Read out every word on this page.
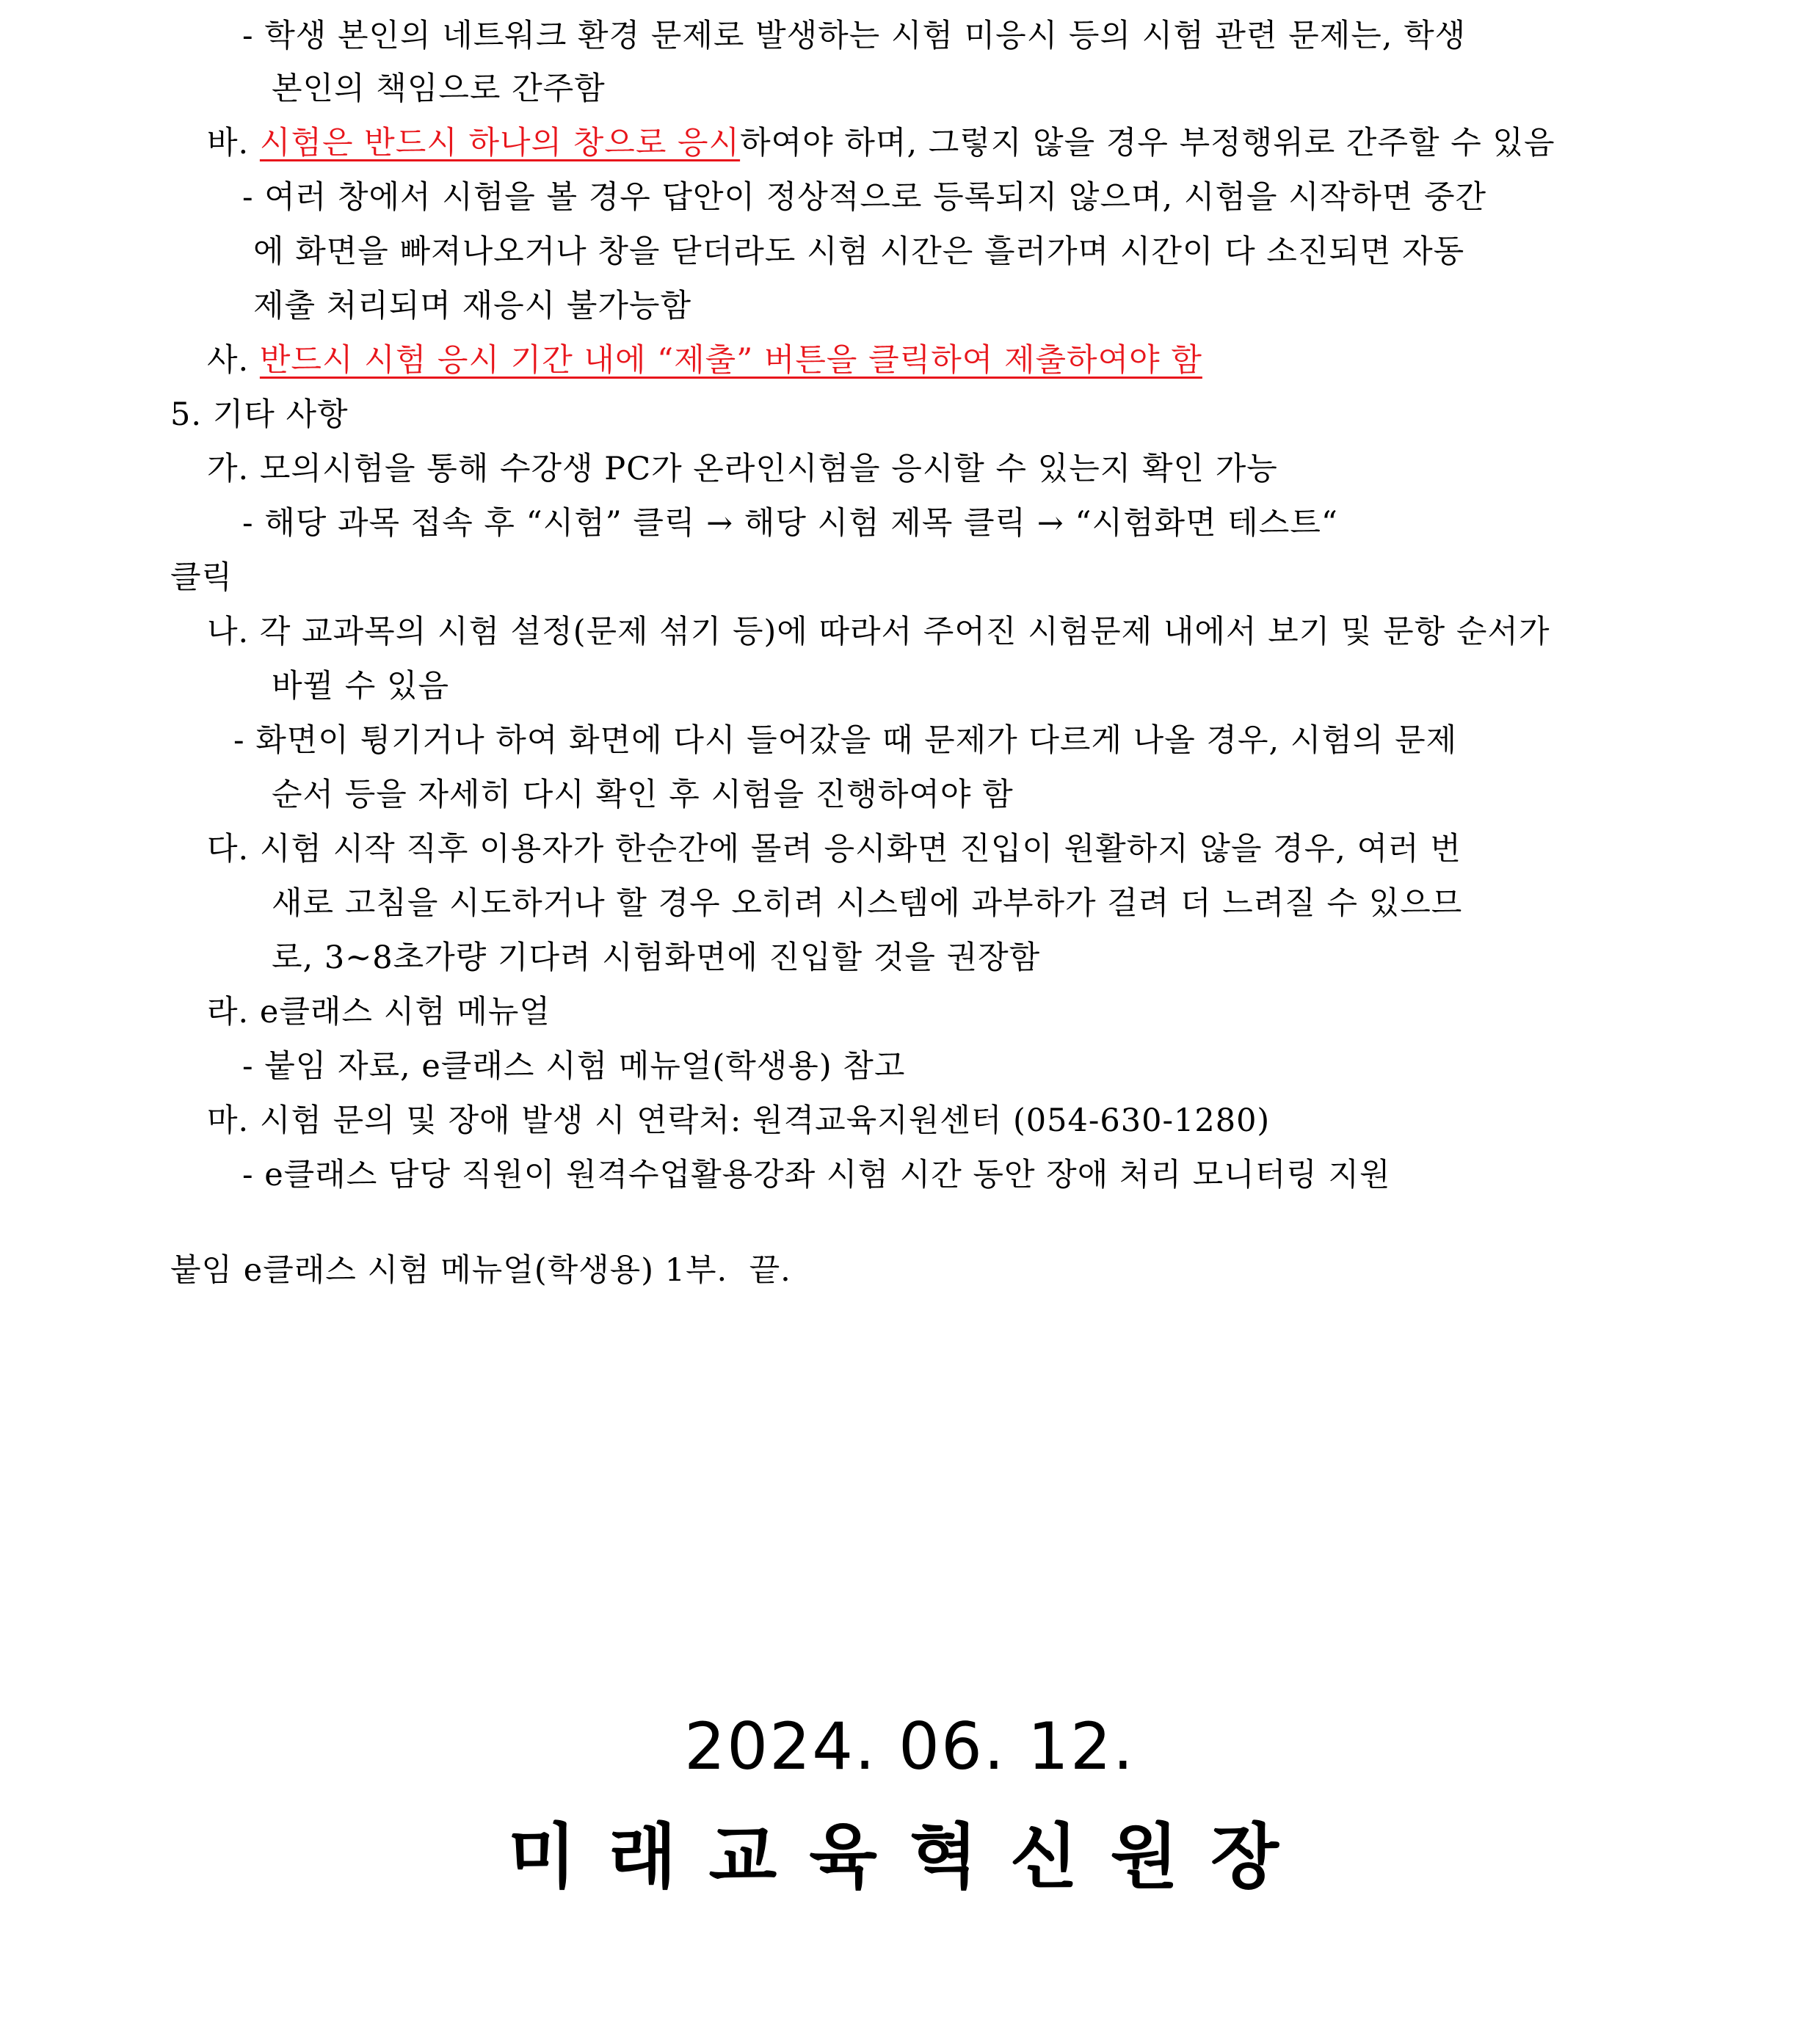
- 학생 본인의 네트워크 환경 문제로 발생하는 시험 미응시 등의 시험 관련 문제는, 학생
본인의 책임으로 간주함
바. 시험은 반드시 하나의 창으로 응시하여야 하며, 그렇지 않을 경우 부정행위로 간주할 수 있음
- 여러 창에서 시험을 볼 경우 답안이 정상적으로 등록되지 않으며, 시험을 시작하면 중간
에 화면을 빠져나오거나 창을 닫더라도 시험 시간은 흘러가며 시간이 다 소진되면 자동
제출 처리되며 재응시 불가능함
사. 반드시 시험 응시 기간 내에 “제출” 버튼을 클릭하여 제출하여야 함
5. 기타 사항
가. 모의시험을 통해 수강생 PC가 온라인시험을 응시할 수 있는지 확인 가능
- 해당 과목 접속 후 “시험” 클릭 → 해당 시험 제목 클릭 → “시험화면 테스트“
클릭
나. 각 교과목의 시험 설정(문제 섞기 등)에 따라서 주어진 시험문제 내에서 보기 및 문항 순서가
바뀔 수 있음
- 화면이 튕기거나 하여 화면에 다시 들어갔을 때 문제가 다르게 나올 경우, 시험의 문제
순서 등을 자세히 다시 확인 후 시험을 진행하여야 함
다. 시험 시작 직후 이용자가 한순간에 몰려 응시화면 진입이 원활하지 않을 경우, 여러 번
새로 고침을 시도하거나 할 경우 오히려 시스템에 과부하가 걸려 더 느려질 수 있으므
로, 3~8초가량 기다려 시험화면에 진입할 것을 권장함
라. e클래스 시험 메뉴얼
- 붙임 자료, e클래스 시험 메뉴얼(학생용) 참고
마. 시험 문의 및 장애 발생 시 연락처: 원격교육지원센터 (054-630-1280)
- e클래스 담당 직원이 원격수업활용강좌 시험 시간 동안 장애 처리 모니터링 지원
붙임 e클래스 시험 메뉴얼(학생용) 1부.  끝.
2024. 06. 12.
미래교육혁신원장
